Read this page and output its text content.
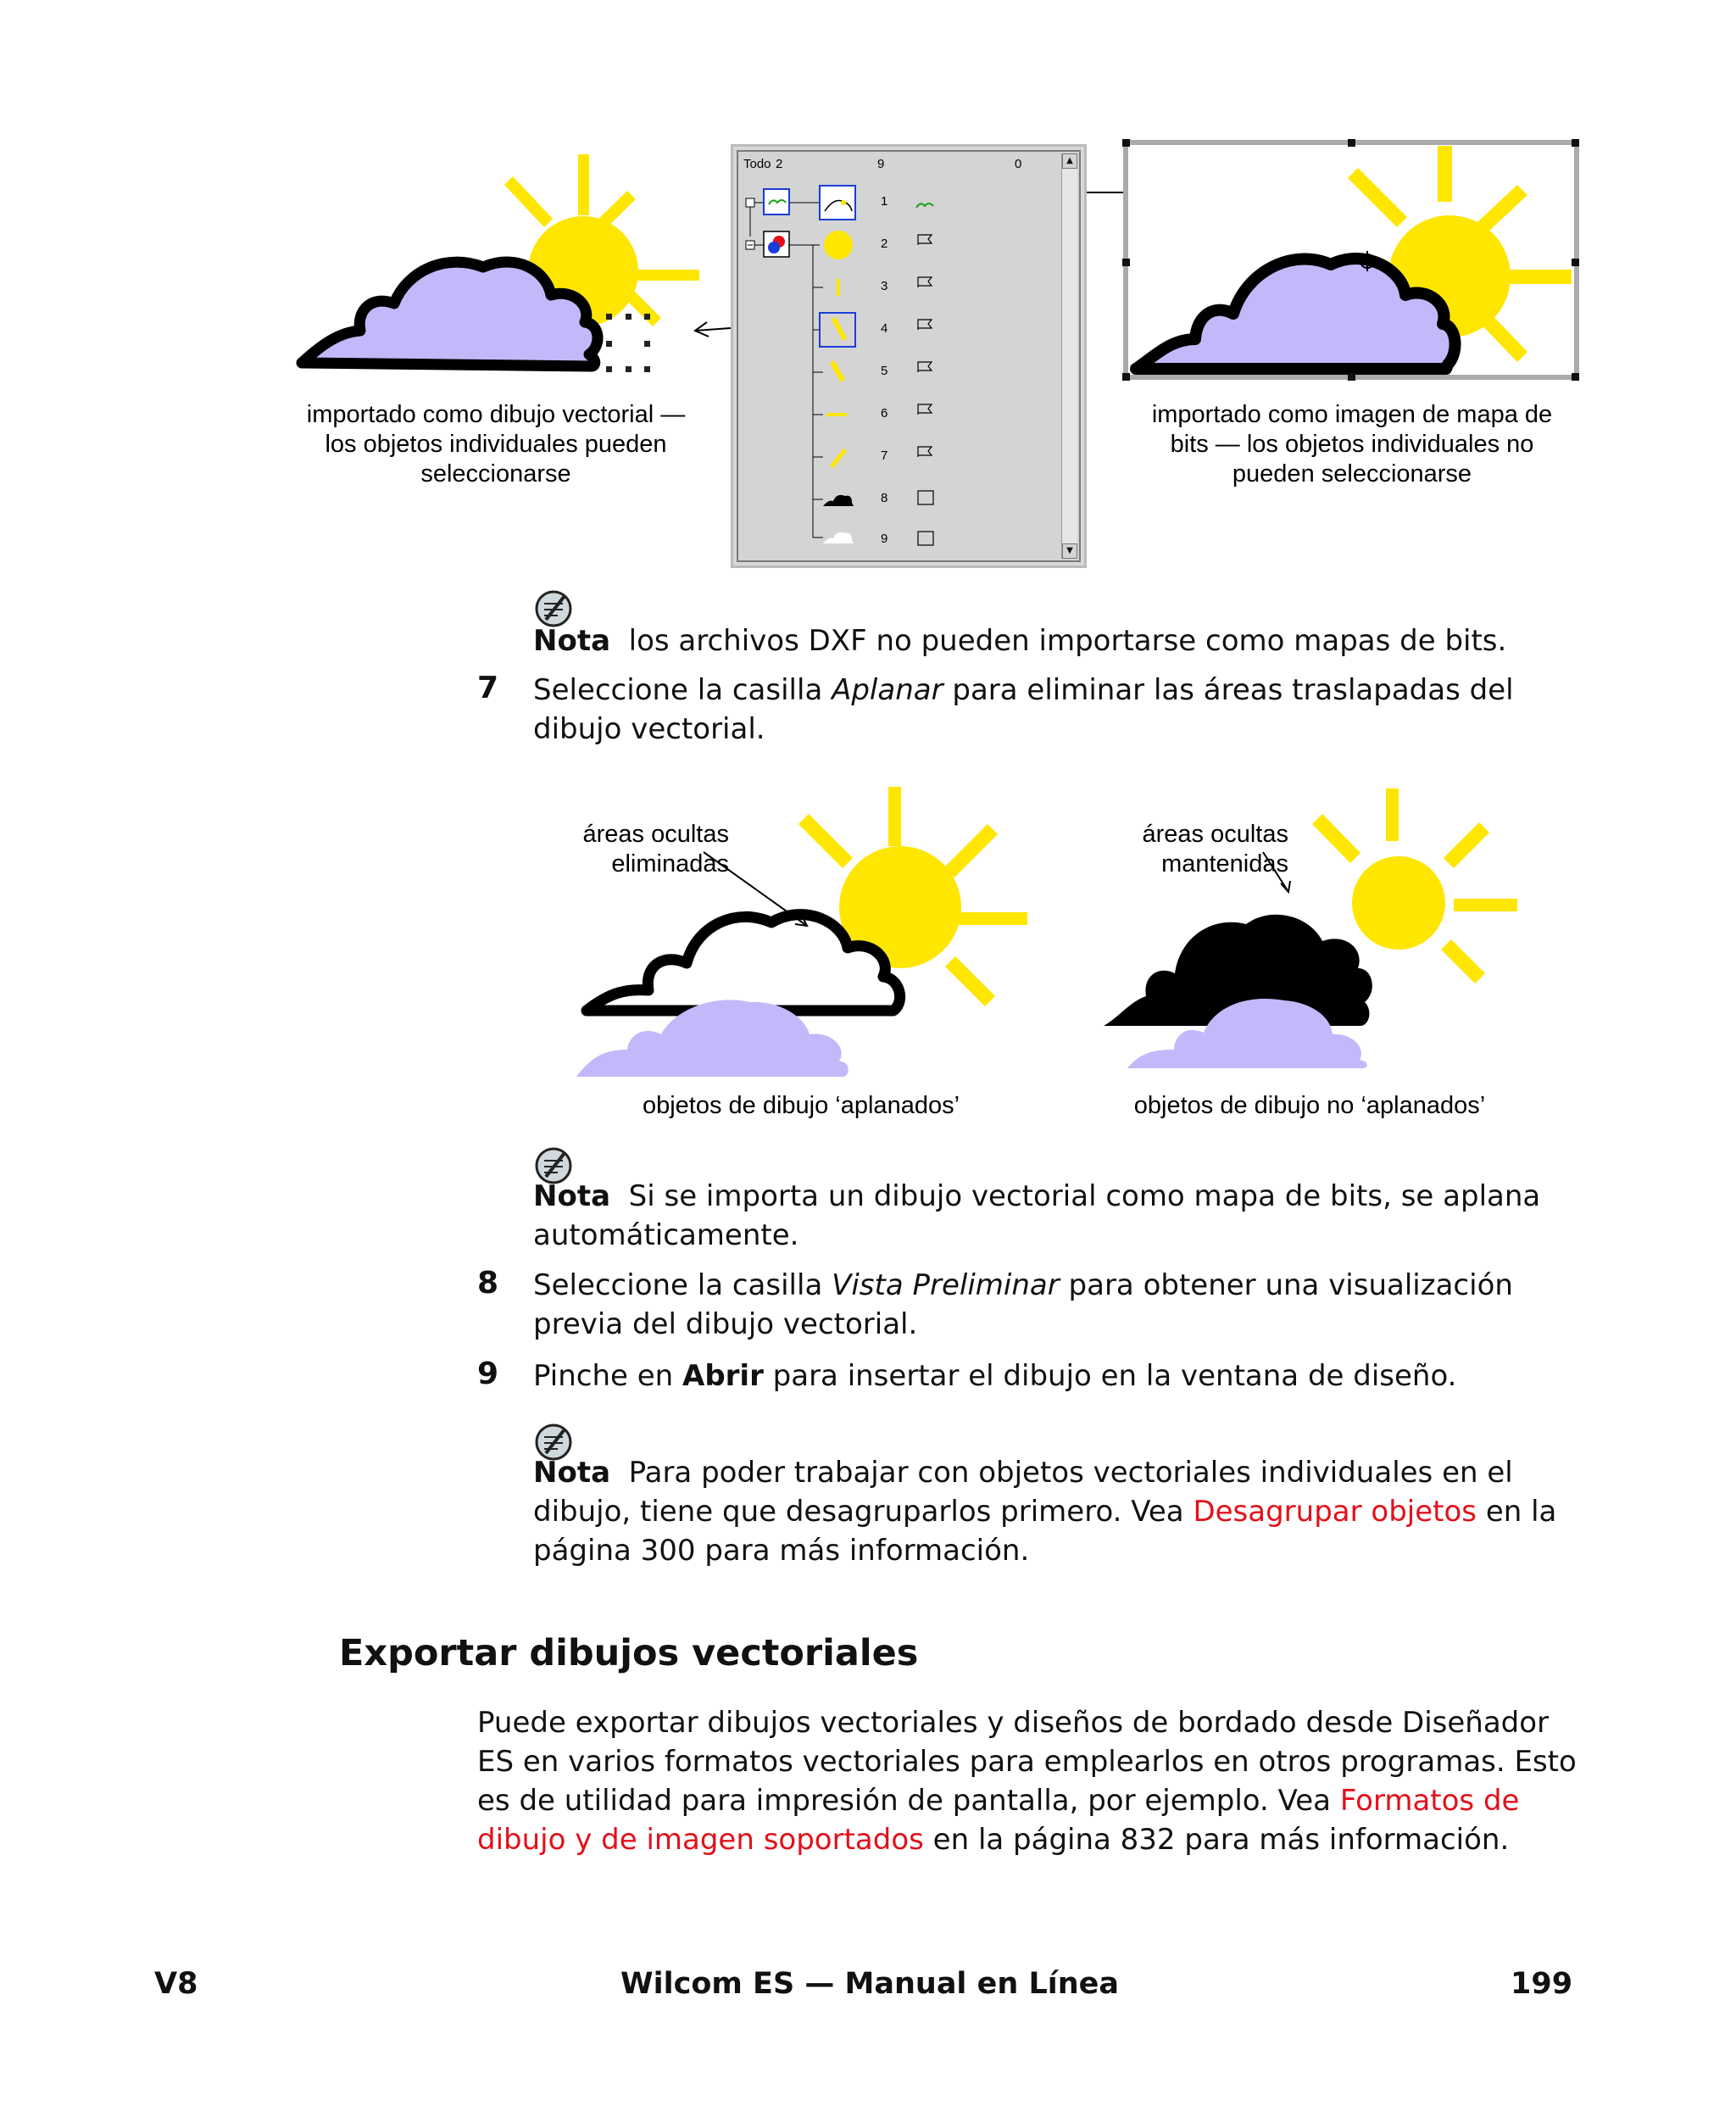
Todo 2	9	0	▲
▼
1
2
3
4
5
6
7
8
9
importado como dibujo vectorial —
los objetos individuales pueden
seleccionarse
importado como imagen de mapa de
bits — los objetos individuales no
pueden seleccionarse
Nota los archivos DXF no pueden importarse como mapas de bits.
7 Seleccione la casilla Aplanar para eliminar las áreas traslapadas del
dibujo vectorial.
áreas ocultas
eliminadas
áreas ocultas
mantenidas
objetos de dibujo ‘aplanados’	objetos de dibujo no ‘aplanados’
Nota Si se importa un dibujo vectorial como mapa de bits, se aplana
automáticamente.
8 Seleccione la casilla Vista Preliminar para obtener una visualización
previa del dibujo vectorial.
9 Pinche en Abrir para insertar el dibujo en la ventana de diseño.
Nota Para poder trabajar con objetos vectoriales individuales en el
dibujo, tiene que desagruparlos primero. Vea Desagrupar objetos en la
página 300 para más información.
Exportar dibujos vectoriales
Puede exportar dibujos vectoriales y diseños de bordado desde Diseñador
ES en varios formatos vectoriales para emplearlos en otros programas. Esto
es de utilidad para impresión de pantalla, por ejemplo. Vea Formatos de
dibujo y de imagen soportados en la página 832 para más información.
V8	Wilcom ES — Manual en Línea	199
